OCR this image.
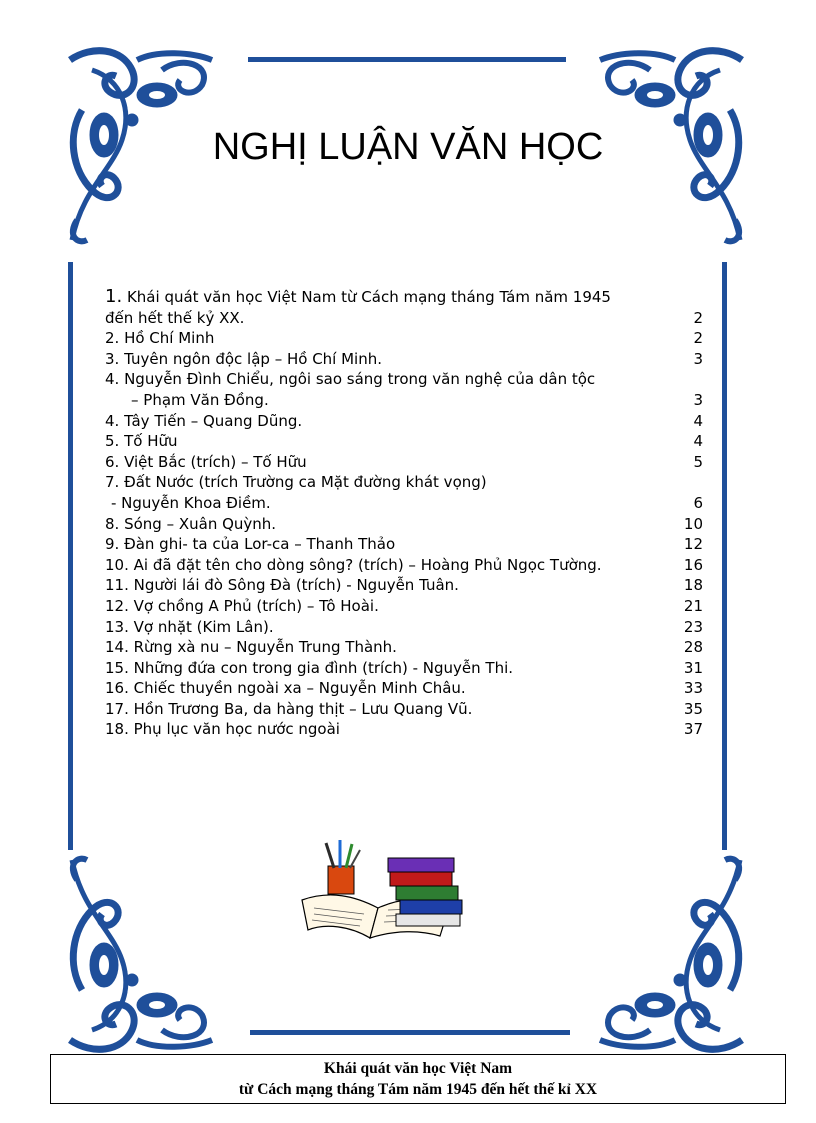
NGHỊ LUẬN VĂN HỌC
1. Khái quát văn học Việt Nam từ Cách mạng tháng Tám năm 1945
đến hết thế kỷ XX.	2
2. Hồ Chí Minh	2
3. Tuyên ngôn độc lập – Hồ Chí Minh.	3
4. Nguyễn Đình Chiểu, ngôi sao sáng trong văn nghệ của dân tộc
– Phạm Văn Đồng.	3
4. Tây Tiến – Quang Dũng.	4
5. Tố Hữu	4
6. Việt Bắc (trích) – Tố Hữu	5
7. Đất Nước (trích Trường ca Mặt đường khát vọng)
- Nguyễn Khoa Điềm.	6
8. Sóng – Xuân Quỳnh.	10
9. Đàn ghi- ta của Lor-ca – Thanh Thảo	12
10. Ai đã đặt tên cho dòng sông? (trích) – Hoàng Phủ Ngọc Tường.	16
11. Người lái đò Sông Đà (trích) - Nguyễn Tuân.	18
12. Vợ chồng A Phủ (trích) – Tô Hoài.	21
13. Vợ nhặt (Kim Lân).	23
14. Rừng xà nu – Nguyễn Trung Thành.	28
15. Những đứa con trong gia đình (trích) - Nguyễn Thi.	31
16. Chiếc thuyền ngoài xa – Nguyễn Minh Châu.	33
17. Hồn Trương Ba, da hàng thịt – Lưu Quang Vũ.	35
18. Phụ lục văn học nước ngoài	37
Khái quát văn học Việt Nam
từ Cách mạng tháng Tám năm 1945 đến hết thế kỉ XX
